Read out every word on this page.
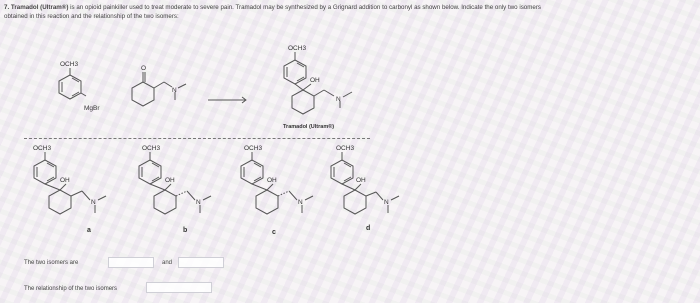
7. Tramadol (Ultram®) is an opioid painkiller used to treat moderate to severe pain. Tramadol may be synthesized by a Grignard addition to carbonyl as shown below. Indicate the only two isomers
obtained in this reaction and the relationship of the two isomers:
OCH3
MgBr
O
N
OCH3
OH
N
Tramadol (Ultram®)
OCH3
OH
N
a
OCH3
OH
N
b
OCH3
OH
N
c
OCH3
OH
N
d
The two isomers are	and
The relationship of the two isomers
